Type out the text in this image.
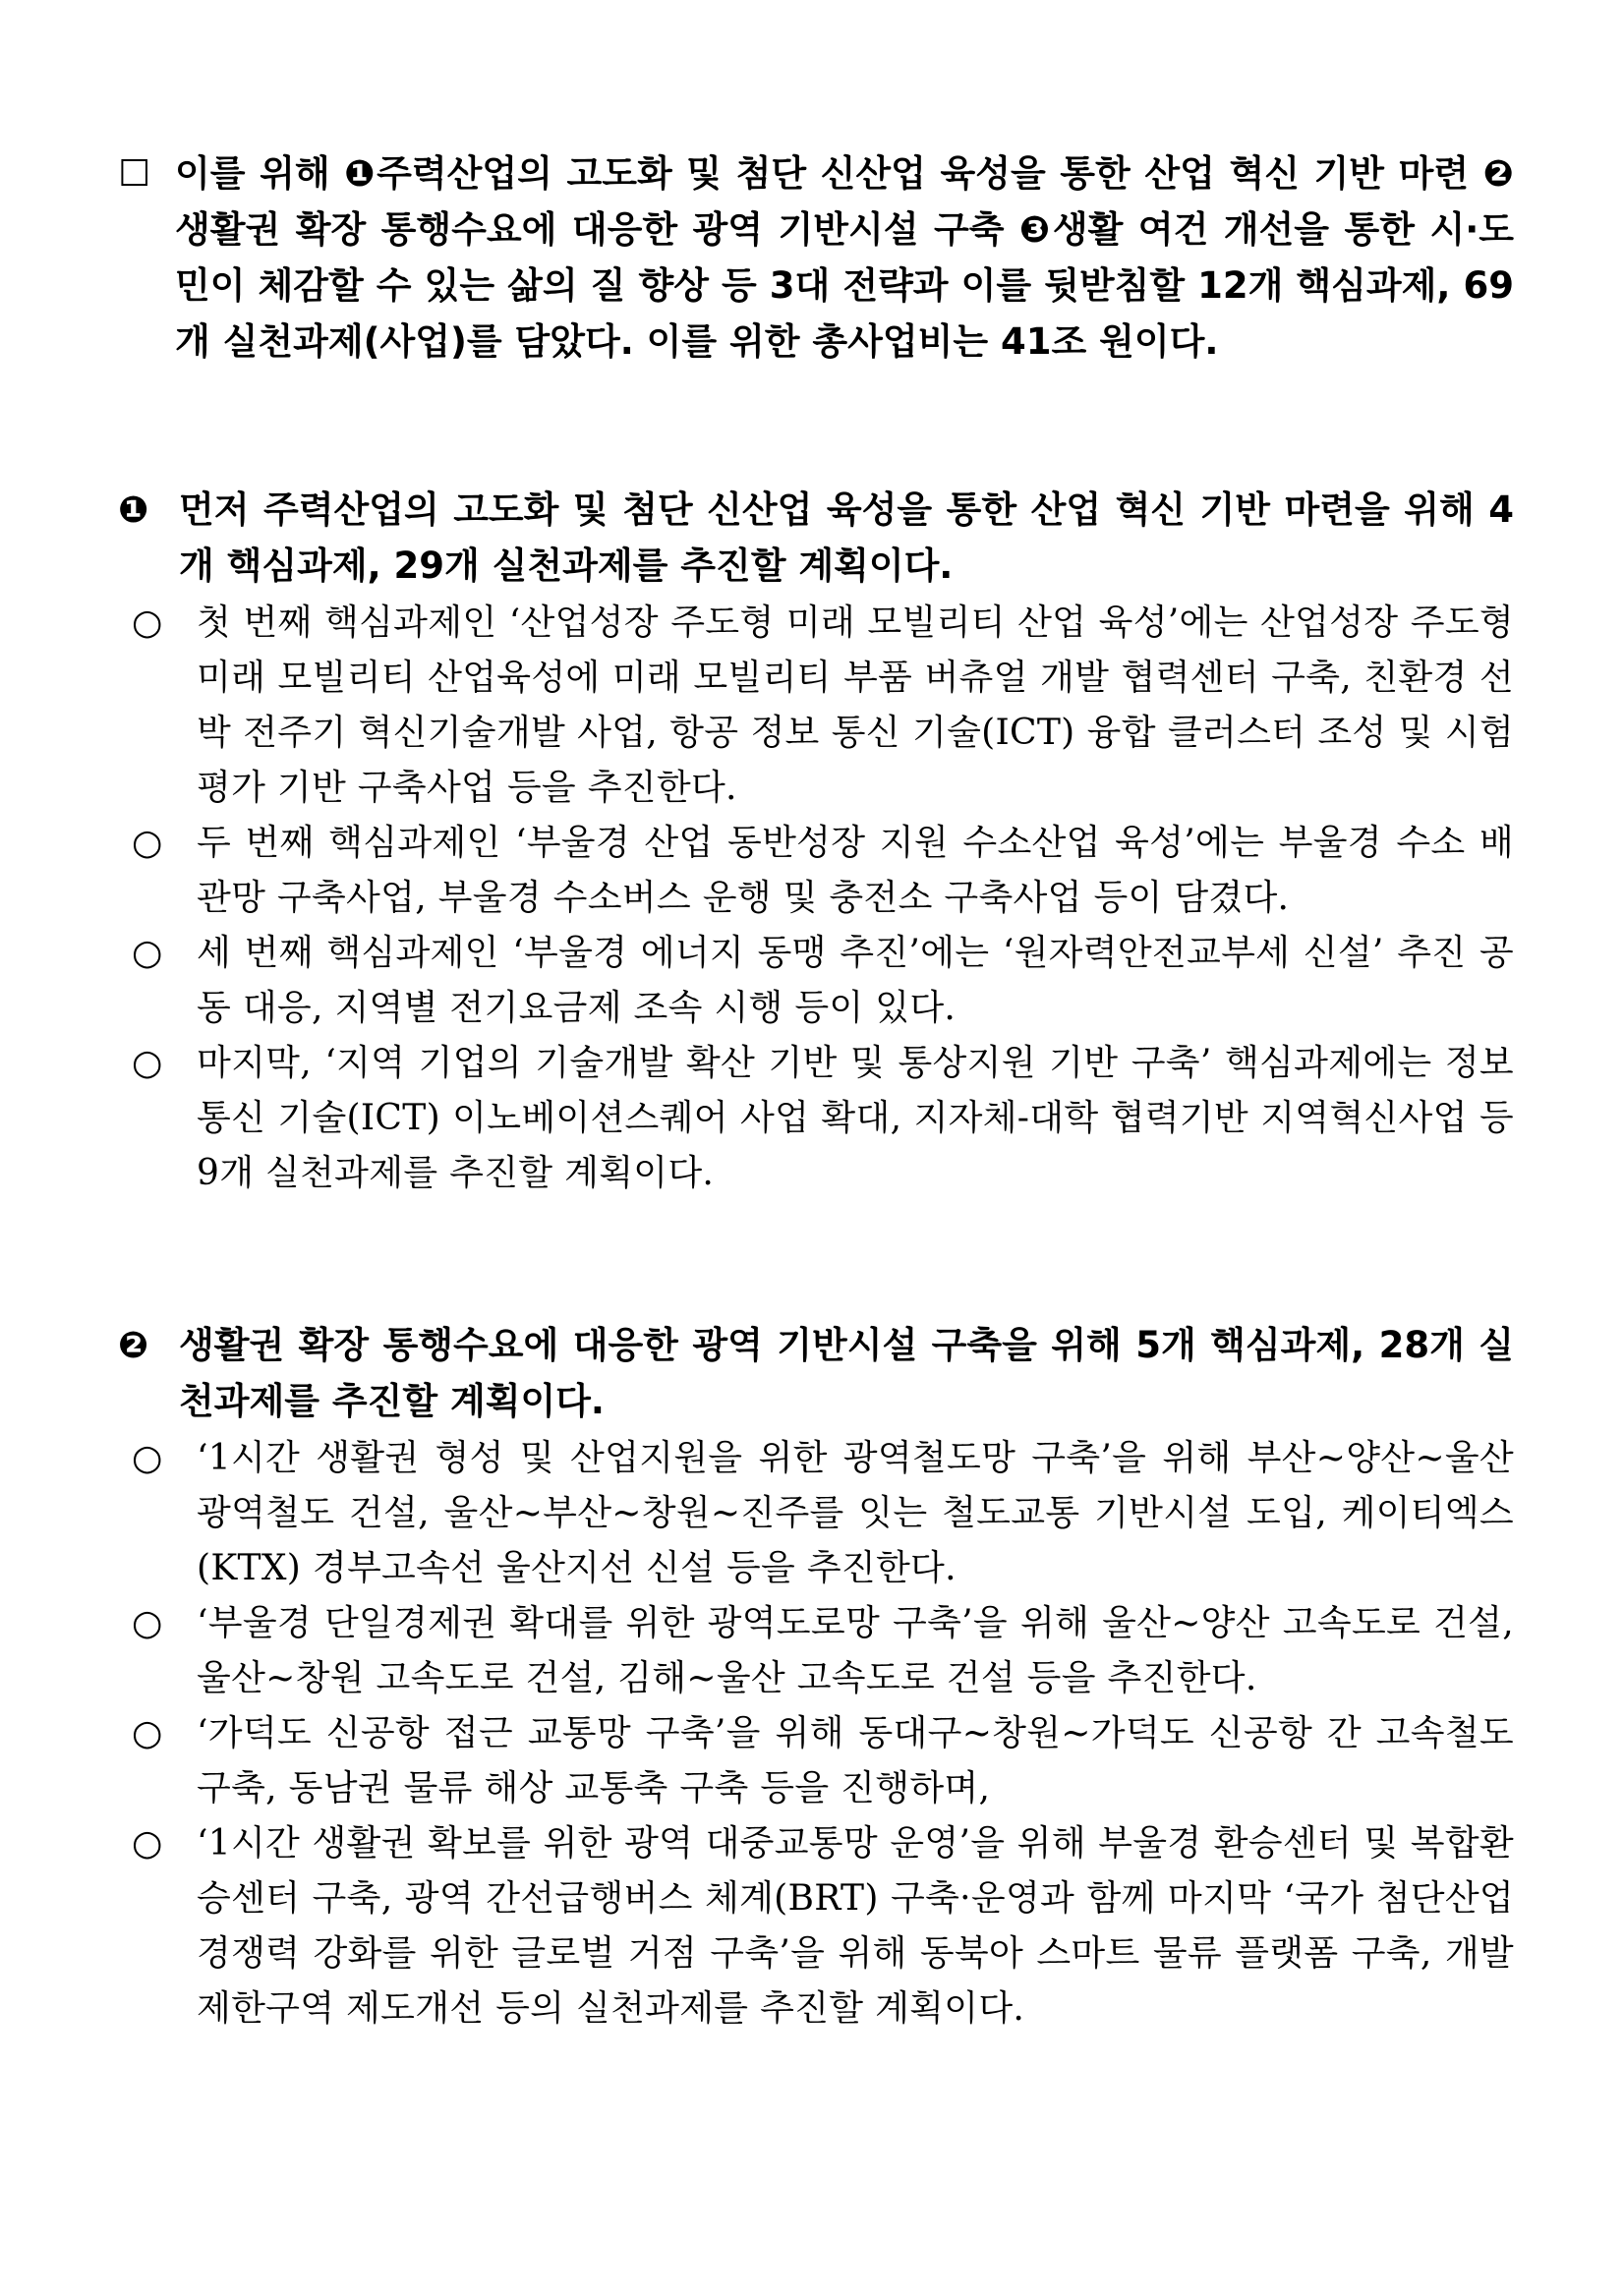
☐ 이를 위해 ❶주력산업의 고도화 및 첨단 신산업 육성을 통한 산업 혁신 기반 마련 ❷생활권 확장 통행수요에 대응한 광역 기반시설 구축 ❸생활 여건 개선을 통한 시·도민이 체감할 수 있는 삶의 질 향상 등 3대 전략과 이를 뒷받침할 12개 핵심과제, 69개 실천과제(사업)를 담았다. 이를 위한 총사업비는 41조 원이다.
❶ 먼저 주력산업의 고도화 및 첨단 신산업 육성을 통한 산업 혁신 기반 마련을 위해 4개 핵심과제, 29개 실천과제를 추진할 계획이다.
○ 첫 번째 핵심과제인 ‘산업성장 주도형 미래 모빌리티 산업 육성’에는 산업성장 주도형 미래 모빌리티 산업육성에 미래 모빌리티 부품 버츄얼 개발 협력센터 구축, 친환경 선박 전주기 혁신기술개발 사업, 항공 정보 통신 기술(ICT) 융합 클러스터 조성 및 시험평가 기반 구축사업 등을 추진한다.
○ 두 번째 핵심과제인 ‘부울경 산업 동반성장 지원 수소산업 육성’에는 부울경 수소 배관망 구축사업, 부울경 수소버스 운행 및 충전소 구축사업 등이 담겼다.
○ 세 번째 핵심과제인 ‘부울경 에너지 동맹 추진’에는 ‘원자력안전교부세 신설’ 추진 공동 대응, 지역별 전기요금제 조속 시행 등이 있다.
○ 마지막, ‘지역 기업의 기술개발 확산 기반 및 통상지원 기반 구축’ 핵심과제에는 정보 통신 기술(ICT) 이노베이션스퀘어 사업 확대, 지자체-대학 협력기반 지역혁신사업 등 9개 실천과제를 추진할 계획이다.
❷ 생활권 확장 통행수요에 대응한 광역 기반시설 구축을 위해 5개 핵심과제, 28개 실천과제를 추진할 계획이다.
○ ‘1시간 생활권 형성 및 산업지원을 위한 광역철도망 구축’을 위해 부산~양산~울산 광역철도 건설, 울산~부산~창원~진주를 잇는 철도교통 기반시설 도입, 케이티엑스(KTX) 경부고속선 울산지선 신설 등을 추진한다.
○ ‘부울경 단일경제권 확대를 위한 광역도로망 구축’을 위해 울산~양산 고속도로 건설, 울산~창원 고속도로 건설, 김해~울산 고속도로 건설 등을 추진한다.
○ ‘가덕도 신공항 접근 교통망 구축’을 위해 동대구~창원~가덕도 신공항 간 고속철도 구축, 동남권 물류 해상 교통축 구축 등을 진행하며,
○ ‘1시간 생활권 확보를 위한 광역 대중교통망 운영’을 위해 부울경 환승센터 및 복합환승센터 구축, 광역 간선급행버스 체계(BRT) 구축·운영과 함께 마지막 ‘국가 첨단산업 경쟁력 강화를 위한 글로벌 거점 구축’을 위해 동북아 스마트 물류 플랫폼 구축, 개발제한구역 제도개선 등의 실천과제를 추진할 계획이다.
